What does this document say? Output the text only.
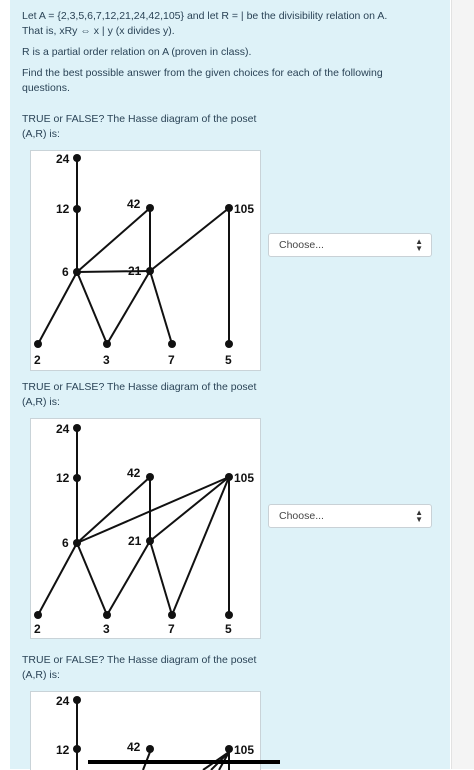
Let A = {2,3,5,6,7,12,21,24,42,105} and let R = | be the divisibility relation on A.
That is, xRy ⇔ x | y (x divides y).

R is a partial order relation on A (proven in class).

Find the best possible answer from the given choices for each of the following questions.

TRUE or FALSE? The Hasse diagram of the poset (A,R) is:
24
12	42	105
6	21
2	3	7	5
Choose...	▲
▼
TRUE or FALSE? The Hasse diagram of the poset (A,R) is:
24
12	42	105
6	21
2	3	7	5
Choose...	▲
▼
TRUE or FALSE? The Hasse diagram of the poset (A,R) is:
24
12	42	105
